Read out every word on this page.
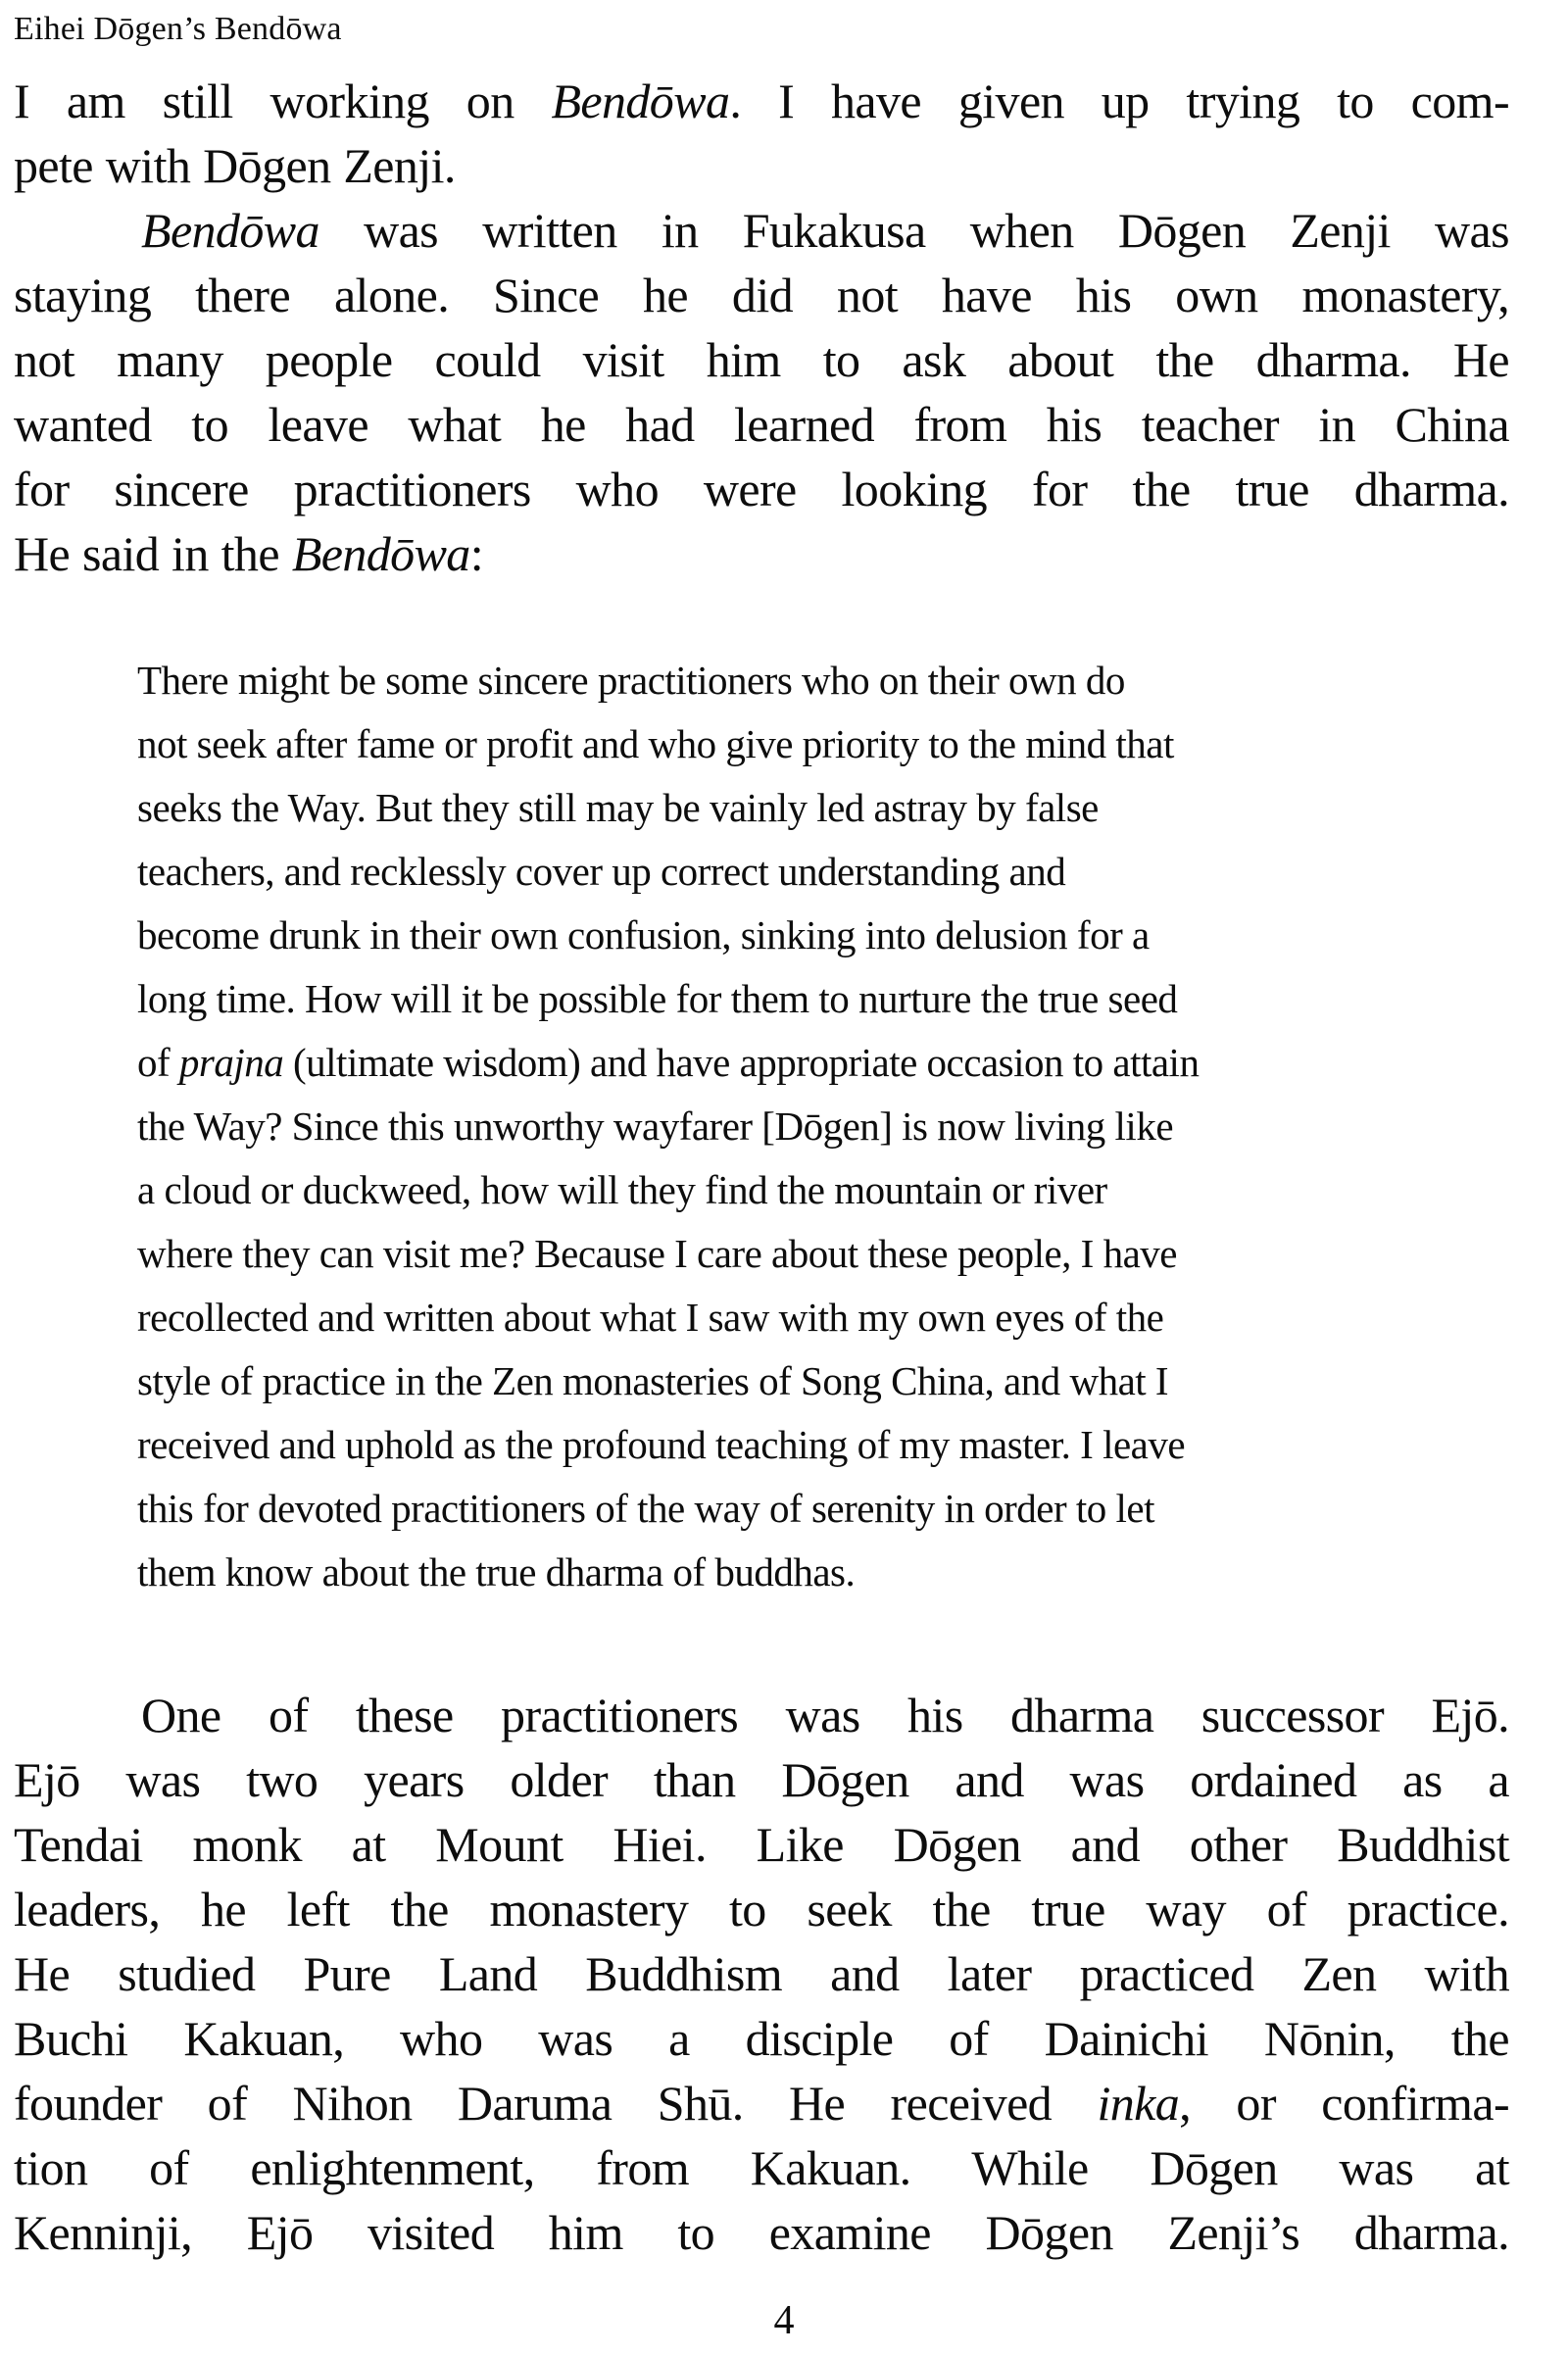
Eihei Dōgen’s Bendōwa
I am still working on Bendōwa. I have given up trying to com-
pete with Dōgen Zenji.
Bendōwa was written in Fukakusa when Dōgen Zenji was
staying there alone. Since he did not have his own monastery,
not many people could visit him to ask about the dharma. He
wanted to leave what he had learned from his teacher in China
for sincere practitioners who were looking for the true dharma.
He said in the Bendōwa:
There might be some sincere practitioners who on their own do
not seek after fame or profit and who give priority to the mind that
seeks the Way. But they still may be vainly led astray by false
teachers, and recklessly cover up correct understanding and
become drunk in their own confusion, sinking into delusion for a
long time. How will it be possible for them to nurture the true seed
of prajna (ultimate wisdom) and have appropriate occasion to attain
the Way? Since this unworthy wayfarer [Dōgen] is now living like
a cloud or duckweed, how will they find the mountain or river
where they can visit me? Because I care about these people, I have
recollected and written about what I saw with my own eyes of the
style of practice in the Zen monasteries of Song China, and what I
received and uphold as the profound teaching of my master. I leave
this for devoted practitioners of the way of serenity in order to let
them know about the true dharma of buddhas.
One of these practitioners was his dharma successor Ejō.
Ejō was two years older than Dōgen and was ordained as a
Tendai monk at Mount Hiei. Like Dōgen and other Buddhist
leaders, he left the monastery to seek the true way of practice.
He studied Pure Land Buddhism and later practiced Zen with
Buchi Kakuan, who was a disciple of Dainichi Nōnin, the
founder of Nihon Daruma Shū. He received inka, or confirma-
tion of enlightenment, from Kakuan. While Dōgen was at
Kenninji, Ejō visited him to examine Dōgen Zenji’s dharma.
4
